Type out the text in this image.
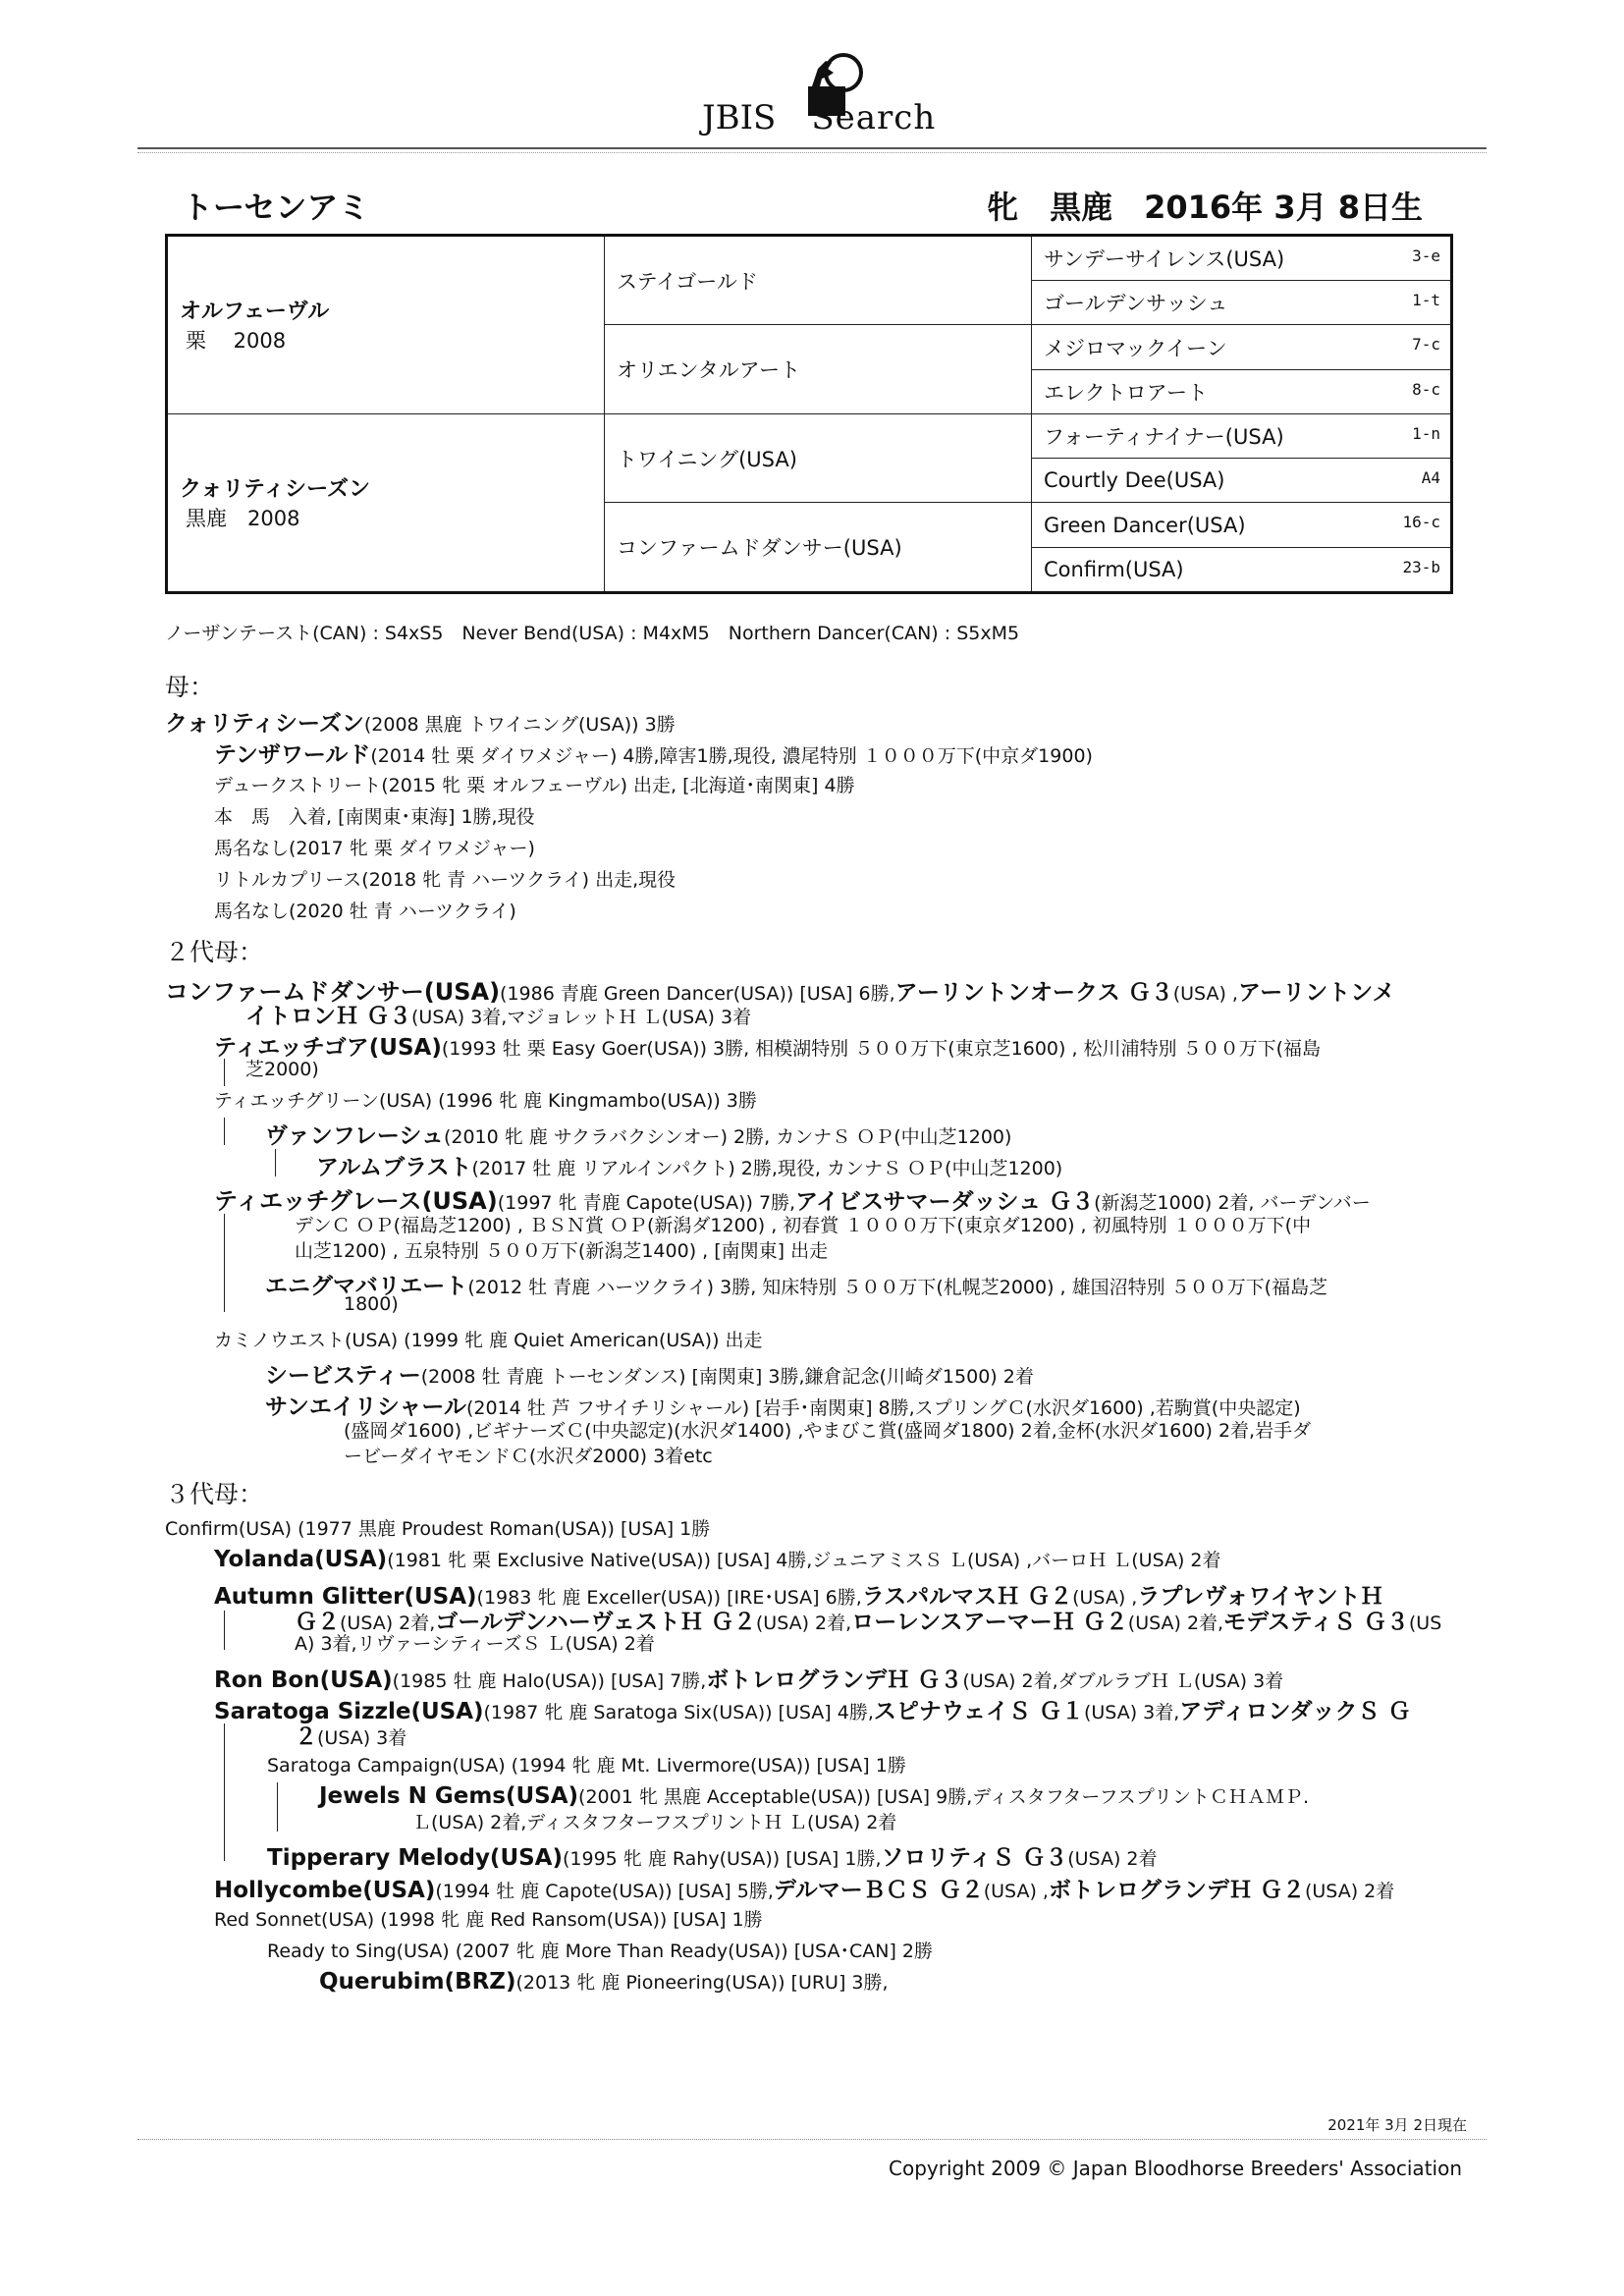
JBIS Search
トーセンアミ	牝　黒鹿　2016年 3月 8日生
オルフェーヴル
栗　 2008	ステイゴールド	サンデーサイレンス(USA) 3-e

		ゴールデンサッシュ 1-t

	オリエンタルアート	メジロマックイーン 7-c

		エレクトロアート 8-c

クォリティシーズン
黒鹿　2008	トワイニング(USA)	フォーティナイナー(USA) 1-n

		Courtly Dee(USA) A4

	コンファームドダンサー(USA)	Green Dancer(USA) 16-c

		Confirm(USA) 23-b
ノーザンテースト(CAN) : S4xS5　Never Bend(USA) : M4xM5　Northern Dancer(CAN) : S5xM5
母：
クォリティシーズン(2008 黒鹿 トワイニング(USA)) 3勝
テンザワールド(2014 牡 栗 ダイワメジャー) 4勝,障害1勝,現役, 濃尾特別 １０００万下(中京ダ1900)
デュークストリート(2015 牝 栗 オルフェーヴル) 出走, [北海道･南関東] 4勝
本　馬　入着, [南関東･東海] 1勝,現役
馬名なし(2017 牝 栗 ダイワメジャー)
リトルカプリース(2018 牝 青 ハーツクライ) 出走,現役
馬名なし(2020 牡 青 ハーツクライ)
２代母：
コンファームドダンサー(USA)(1986 青鹿 Green Dancer(USA)) [USA] 6勝,アーリントンオークス Ｇ３(USA) ,アーリントンメ
イトロンＨ Ｇ３(USA) 3着,マジョレットＨ Ｌ(USA) 3着
ティエッチゴア(USA)(1993 牡 栗 Easy Goer(USA)) 3勝, 相模湖特別 ５００万下(東京芝1600) , 松川浦特別 ５００万下(福島
芝2000)
ティエッチグリーン(USA) (1996 牝 鹿 Kingmambo(USA)) 3勝
ヴァンフレーシュ(2010 牝 鹿 サクラバクシンオー) 2勝, カンナＳ ＯＰ(中山芝1200)
アルムブラスト(2017 牡 鹿 リアルインパクト) 2勝,現役, カンナＳ ＯＰ(中山芝1200)
ティエッチグレース(USA)(1997 牝 青鹿 Capote(USA)) 7勝,アイビスサマーダッシュ Ｇ３(新潟芝1000) 2着, バーデンバー
デンＣ ＯＰ(福島芝1200) , ＢＳＮ賞 ＯＰ(新潟ダ1200) , 初春賞 １０００万下(東京ダ1200) , 初風特別 １０００万下(中
山芝1200) , 五泉特別 ５００万下(新潟芝1400) , [南関東] 出走
エニグマバリエート(2012 牡 青鹿 ハーツクライ) 3勝, 知床特別 ５００万下(札幌芝2000) , 雄国沼特別 ５００万下(福島芝
1800)
カミノウエスト(USA) (1999 牝 鹿 Quiet American(USA)) 出走
シービスティー(2008 牡 青鹿 トーセンダンス) [南関東] 3勝,鎌倉記念(川崎ダ1500) 2着
サンエイリシャール(2014 牡 芦 フサイチリシャール) [岩手･南関東] 8勝,スプリングＣ(水沢ダ1600) ,若駒賞(中央認定)
(盛岡ダ1600) ,ビギナーズＣ(中央認定)(水沢ダ1400) ,やまびこ賞(盛岡ダ1800) 2着,金杯(水沢ダ1600) 2着,岩手ダ
ービーダイヤモンドＣ(水沢ダ2000) 3着etc
３代母：
Confirm(USA) (1977 黒鹿 Proudest Roman(USA)) [USA] 1勝
Yolanda(USA)(1981 牝 栗 Exclusive Native(USA)) [USA] 4勝,ジュニアミスＳ Ｌ(USA) ,バーロＨ Ｌ(USA) 2着
Autumn Glitter(USA)(1983 牝 鹿 Exceller(USA)) [IRE･USA] 6勝,ラスパルマスＨ Ｇ２(USA) ,ラプレヴォワイヤントＨ
Ｇ２(USA) 2着,ゴールデンハーヴェストＨ Ｇ２(USA) 2着,ローレンスアーマーＨ Ｇ２(USA) 2着,モデスティＳ Ｇ３(US
A) 3着,リヴァーシティーズＳ Ｌ(USA) 2着
Ron Bon(USA)(1985 牡 鹿 Halo(USA)) [USA] 7勝,ボトレログランデＨ Ｇ３(USA) 2着,ダブルラブＨ Ｌ(USA) 3着
Saratoga Sizzle(USA)(1987 牝 鹿 Saratoga Six(USA)) [USA] 4勝,スピナウェイＳ Ｇ１(USA) 3着,アディロンダックＳ Ｇ
２(USA) 3着
Saratoga Campaign(USA) (1994 牝 鹿 Mt. Livermore(USA)) [USA] 1勝
Jewels N Gems(USA)(2001 牝 黒鹿 Acceptable(USA)) [USA] 9勝,ディスタフターフスプリントＣＨＡＭＰ.
Ｌ(USA) 2着,ディスタフターフスプリントＨ Ｌ(USA) 2着
Tipperary Melody(USA)(1995 牝 鹿 Rahy(USA)) [USA] 1勝,ソロリティＳ Ｇ３(USA) 2着
Hollycombe(USA)(1994 牡 鹿 Capote(USA)) [USA] 5勝,デルマーＢＣＳ Ｇ２(USA) ,ボトレログランデＨ Ｇ２(USA) 2着
Red Sonnet(USA) (1998 牝 鹿 Red Ransom(USA)) [USA] 1勝
Ready to Sing(USA) (2007 牝 鹿 More Than Ready(USA)) [USA･CAN] 2勝
Querubim(BRZ)(2013 牝 鹿 Pioneering(USA)) [URU] 3勝,
2021年 3月 2日現在
Copyright 2009 © Japan Bloodhorse Breeders' Association
